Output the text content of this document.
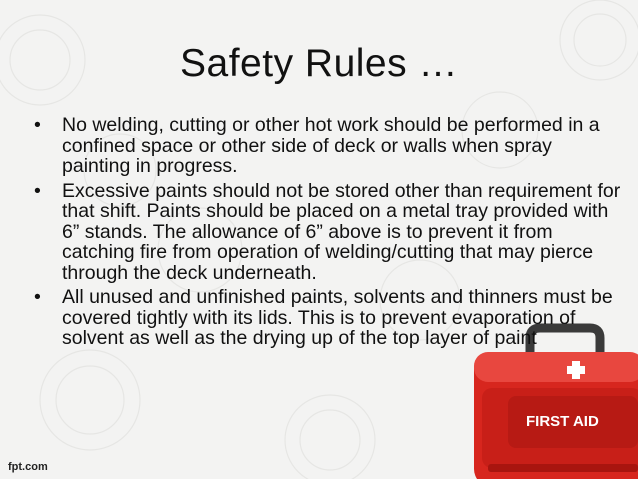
Safety Rules …
FIRST AID
• No welding, cutting or other hot work should be performed in a confined space or other side of deck or walls when spray painting in progress.
• Excessive paints should not be stored other than requirement for that shift. Paints should be placed on a metal tray provided with 6” stands. The allowance of 6” above is to prevent it from catching fire from operation of welding/cutting that may pierce through the deck underneath.
• All unused and unfinished paints, solvents and thinners must be covered tightly with its lids. This is to prevent evaporation of solvent as well as the drying up of the top layer of paint
fpt.com
